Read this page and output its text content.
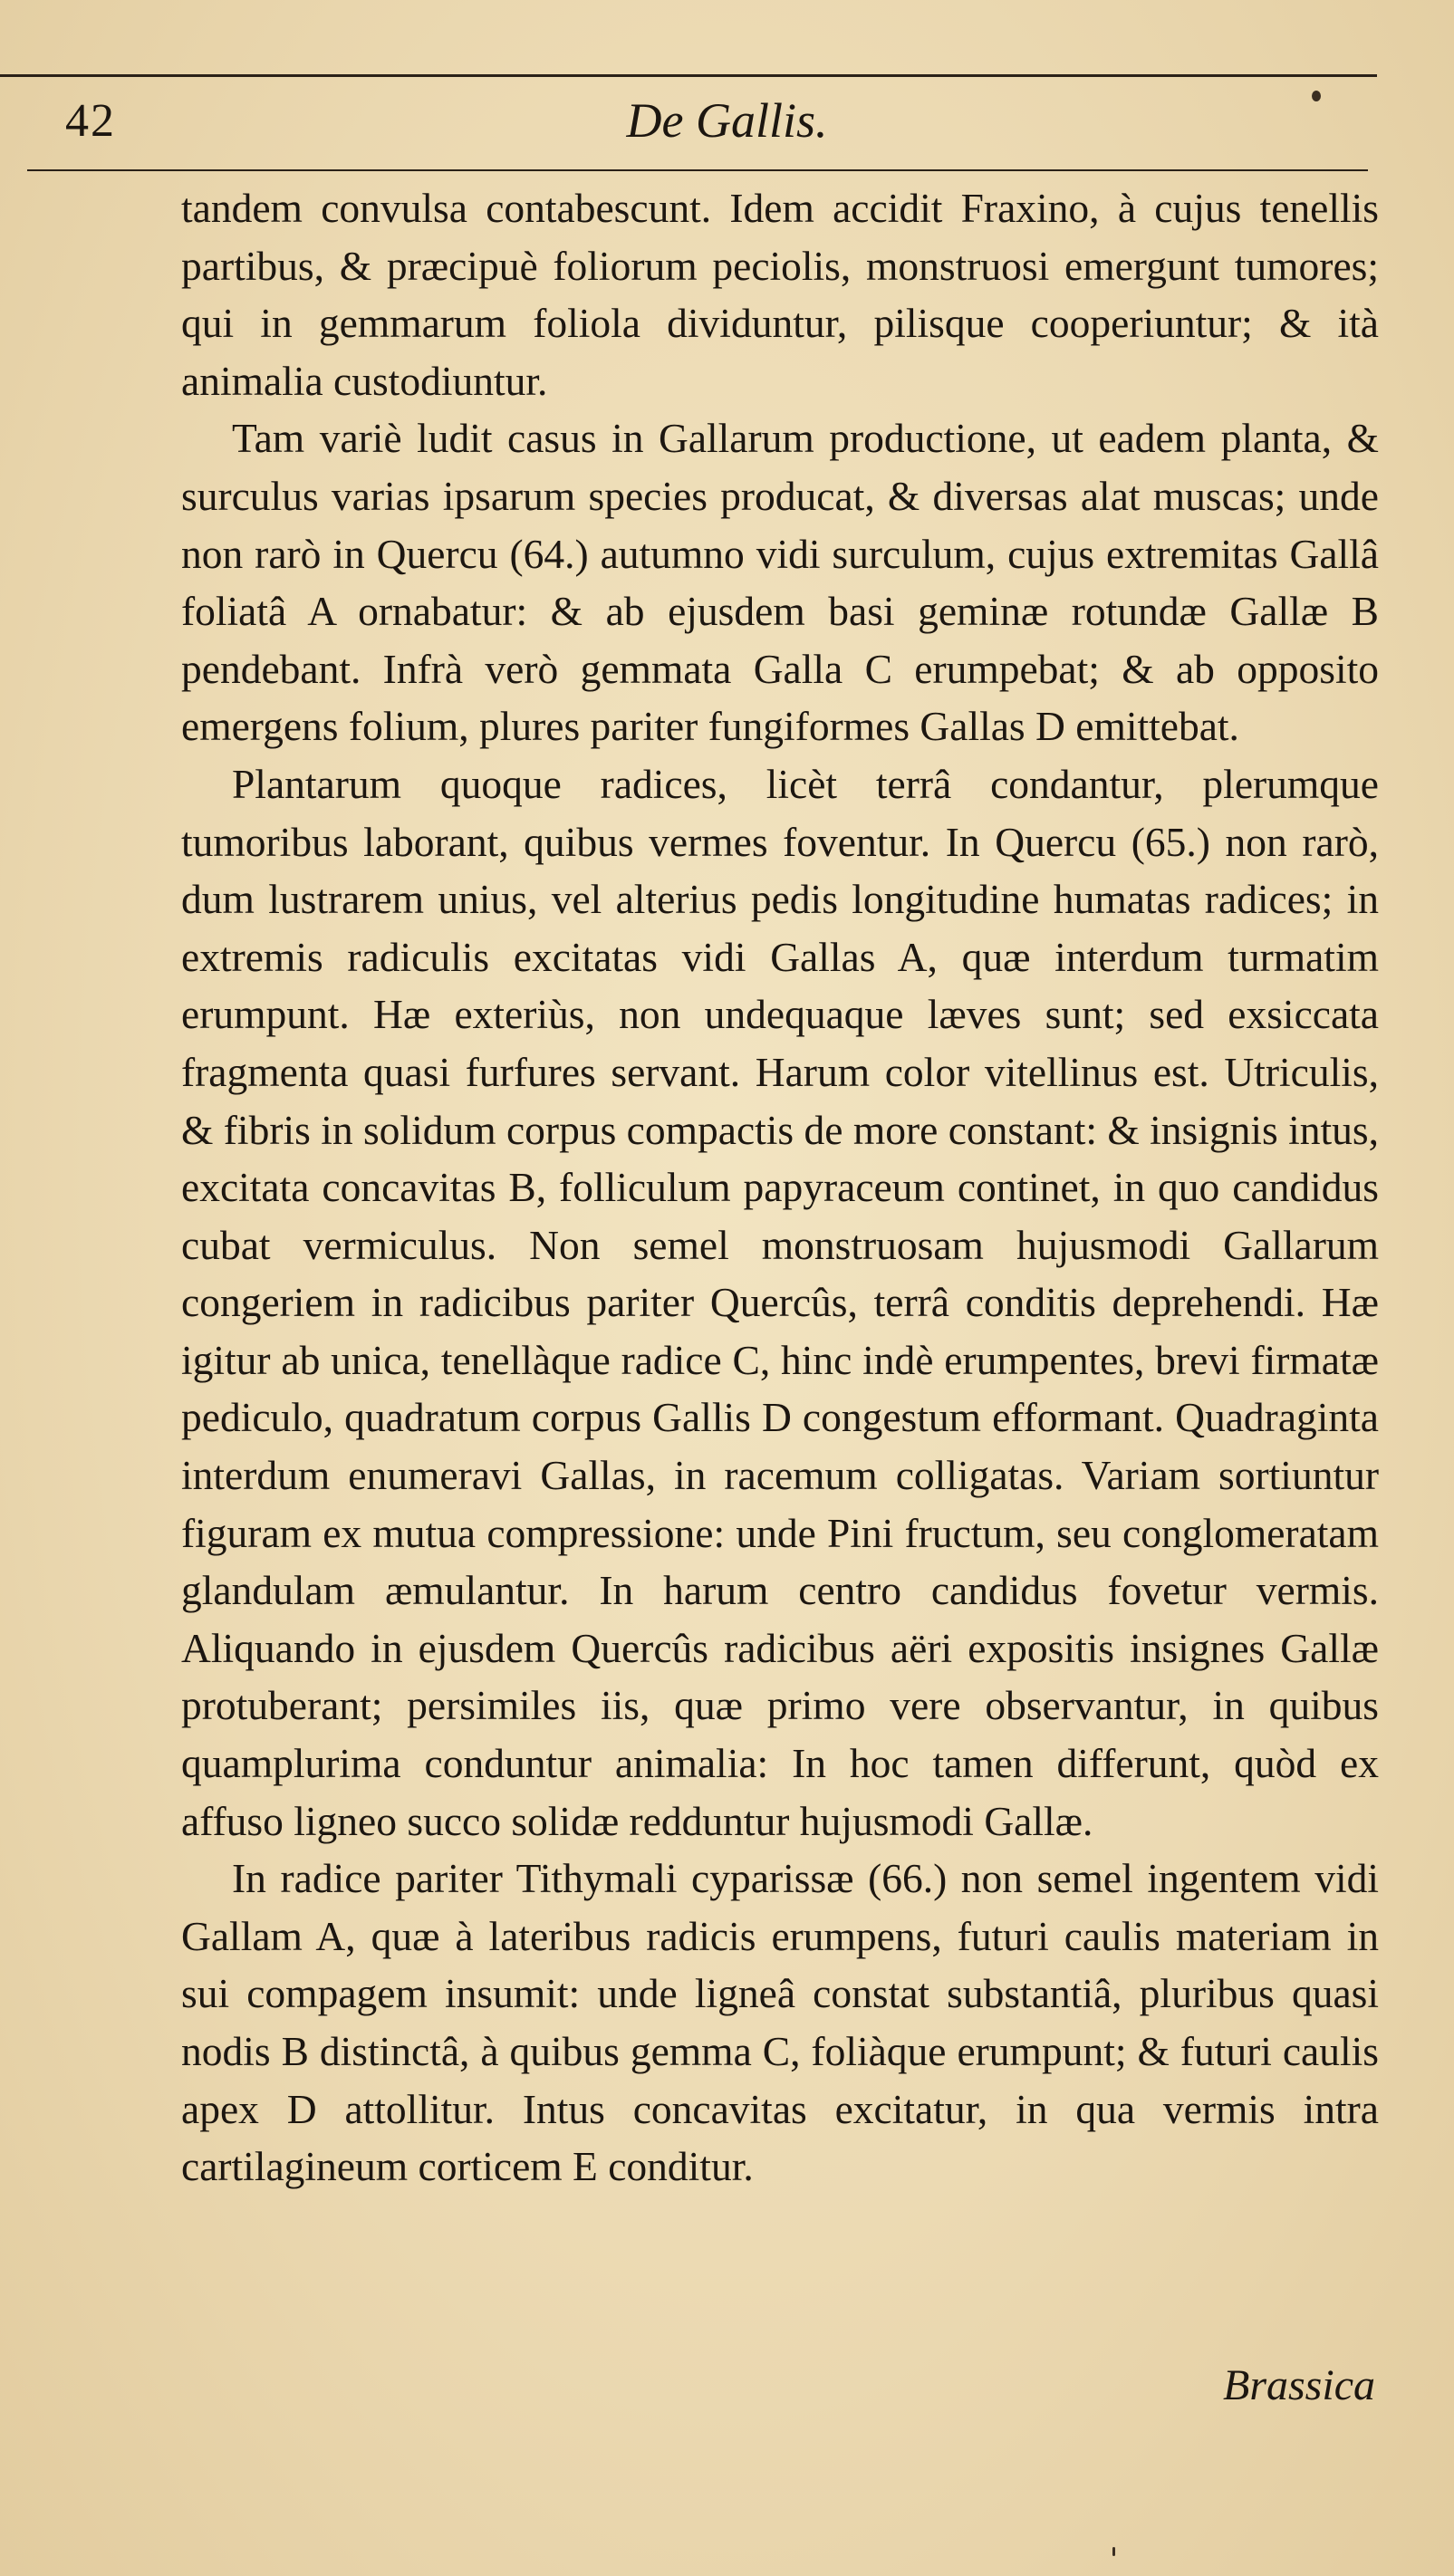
42	De Gallis.

tandem convulsa contabescunt. Idem accidit Fraxino, à cujus tenellis partibus, & præcipuè foliorum peciolis, monstruosi emergunt tumores; qui in gemmarum foliola dividuntur, pilisque cooperiuntur; & ità animalia custodiuntur.

Tam variè ludit casus in Gallarum productione, ut eadem planta, & surculus varias ipsarum species producat, & diversas alat muscas; unde non rarò in Quercu (64.) autumno vidi surculum, cujus extremitas Gallâ foliatâ A ornabatur: & ab ejusdem basi geminæ rotundæ Gallæ B pendebant. Infrà verò gemmata Galla C erumpebat; & ab opposito emergens folium, plures pariter fungiformes Gallas D emittebat.

Plantarum quoque radices, licèt terrâ condantur, plerumque tumoribus laborant, quibus vermes foventur. In Quercu (65.) non rarò, dum lustrarem unius, vel alterius pedis longitudine humatas radices; in extremis radiculis excitatas vidi Gallas A, quæ interdum turmatim erumpunt. Hæ exteriùs, non undequaque læves sunt; sed exsiccata fragmenta quasi furfures servant. Harum color vitellinus est. Utriculis, & fibris in solidum corpus compactis de more constant: & insignis intus, excitata concavitas B, folliculum papyraceum continet, in quo candidus cubat vermiculus. Non semel monstruosam hujusmodi Gallarum congeriem in radicibus pariter Quercûs, terrâ conditis deprehendi. Hæ igitur ab unica, tenellàque radice C, hinc indè erumpentes, brevi firmatæ pediculo, quadratum corpus Gallis D congestum efformant. Quadraginta interdum enumeravi Gallas, in racemum colligatas. Variam sortiuntur figuram ex mutua compressione: unde Pini fructum, seu conglomeratam glandulam æmulantur. In harum centro candidus fovetur vermis. Aliquando in ejusdem Quercûs radicibus aëri expositis insignes Gallæ protuberant; persimiles iis, quæ primo vere observantur, in quibus quamplurima conduntur animalia: In hoc tamen differunt, quòd ex affuso ligneo succo solidæ redduntur hujusmodi Gallæ.

In radice pariter Tithymali cyparissæ (66.) non semel ingentem vidi Gallam A, quæ à lateribus radicis erumpens, futuri caulis materiam in sui compagem insumit: unde ligneâ constat substantiâ, pluribus quasi nodis B distinctâ, à quibus gemma C, foliàque erumpunt; & futuri caulis apex D attollitur. Intus concavitas excitatur, in qua vermis intra cartilagineum corticem E conditur.

Brassica
